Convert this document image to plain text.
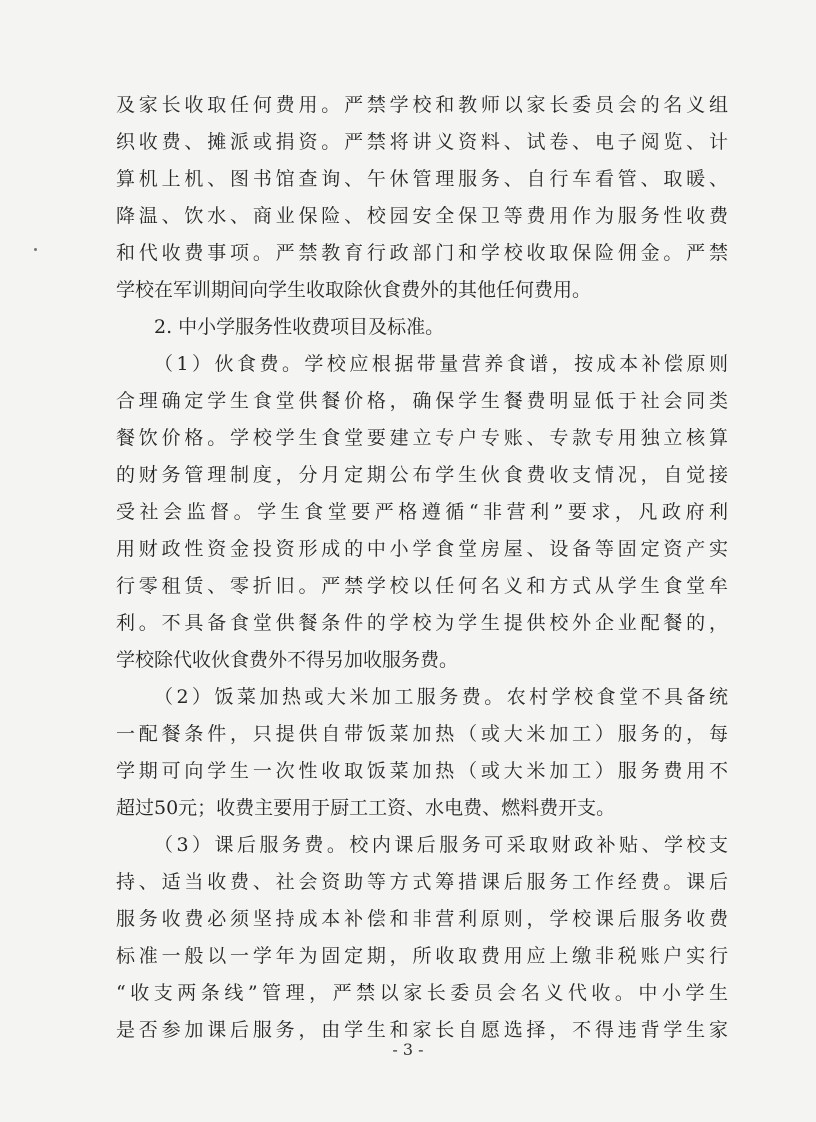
及家长收取任何费用。严禁学校和教师以家长委员会的名义组
织收费、摊派或捐资。严禁将讲义资料、试卷、电子阅览、计
算机上机、图书馆查询、午休管理服务、自行车看管、取暖、
降温、饮水、商业保险、校园安全保卫等费用作为服务性收费
和代收费事项。严禁教育行政部门和学校收取保险佣金。严禁
学校在军训期间向学生收取除伙食费外的其他任何费用。
2. 中小学服务性收费项目及标准。
（1）伙食费。学校应根据带量营养食谱，按成本补偿原则
合理确定学生食堂供餐价格，确保学生餐费明显低于社会同类
餐饮价格。学校学生食堂要建立专户专账、专款专用独立核算
的财务管理制度，分月定期公布学生伙食费收支情况，自觉接
受社会监督。学生食堂要严格遵循“非营利”要求，凡政府利
用财政性资金投资形成的中小学食堂房屋、设备等固定资产实
行零租赁、零折旧。严禁学校以任何名义和方式从学生食堂牟
利。不具备食堂供餐条件的学校为学生提供校外企业配餐的，
学校除代收伙食费外不得另加收服务费。
（2）饭菜加热或大米加工服务费。农村学校食堂不具备统
一配餐条件，只提供自带饭菜加热（或大米加工）服务的，每
学期可向学生一次性收取饭菜加热（或大米加工）服务费用不
超过50元；收费主要用于厨工工资、水电费、燃料费开支。
（3）课后服务费。校内课后服务可采取财政补贴、学校支
持、适当收费、社会资助等方式筹措课后服务工作经费。课后
服务收费必须坚持成本补偿和非营利原则，学校课后服务收费
标准一般以一学年为固定期，所收取费用应上缴非税账户实行
“收支两条线”管理，严禁以家长委员会名义代收。中小学生
是否参加课后服务，由学生和家长自愿选择，不得违背学生家
- 3 -
